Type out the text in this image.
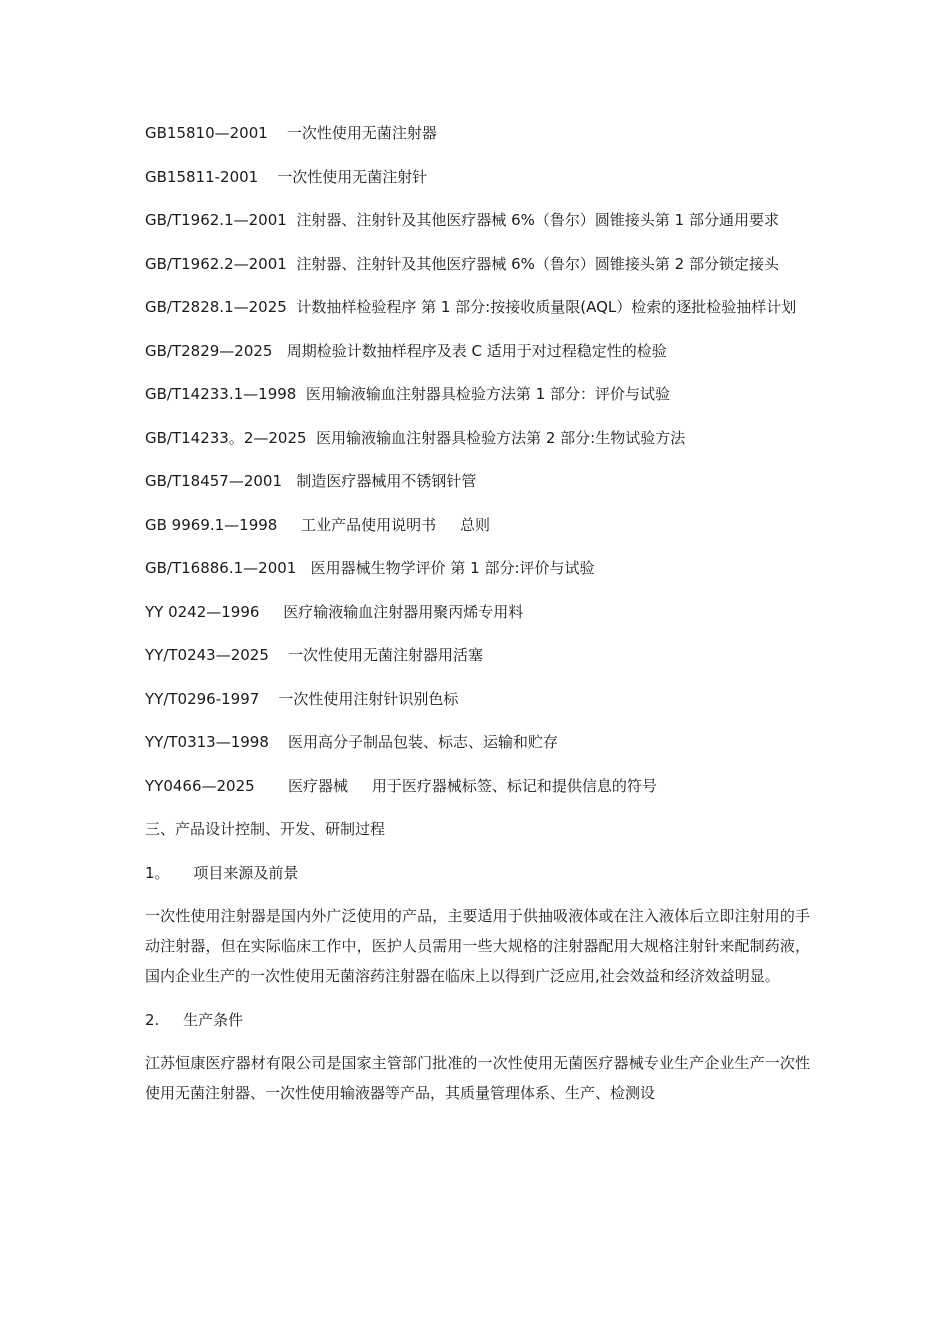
GB15810—2001    一次性使用无菌注射器
GB15811-2001    一次性使用无菌注射针
GB/T1962.1—2001  注射器、注射针及其他医疗器械 6%（鲁尔）圆锥接头第 1 部分通用要求
GB/T1962.2—2001  注射器、注射针及其他医疗器械 6%（鲁尔）圆锥接头第 2 部分锁定接头
GB/T2828.1—2025  计数抽样检验程序 第 1 部分:按接收质量限(AQL）检索的逐批检验抽样计划
GB/T2829—2025   周期检验计数抽样程序及表 C 适用于对过程稳定性的检验
GB/T14233.1—1998  医用输液输血注射器具检验方法第 1 部分：评价与试验
GB/T14233。2—2025  医用输液输血注射器具检验方法第 2 部分:生物试验方法
GB/T18457—2001   制造医疗器械用不锈钢针管
GB 9969.1—1998     工业产品使用说明书     总则
GB/T16886.1—2001   医用器械生物学评价 第 1 部分:评价与试验
YY 0242—1996     医疗输液输血注射器用聚丙烯专用料
YY/T0243—2025    一次性使用无菌注射器用活塞
YY/T0296-1997    一次性使用注射针识别色标
YY/T0313—1998    医用高分子制品包装、标志、运输和贮存
YY0466—2025       医疗器械     用于医疗器械标签、标记和提供信息的符号
三、产品设计控制、开发、研制过程
1。     项目来源及前景
一次性使用注射器是国内外广泛使用的产品，主要适用于供抽吸液体或在注入液体后立即注射用的手动注射器，但在实际临床工作中，医护人员需用一些大规格的注射器配用大规格注射针来配制药液，国内企业生产的一次性使用无菌溶药注射器在临床上以得到广泛应用,社会效益和经济效益明显。
2.     生产条件
江苏恒康医疗器材有限公司是国家主管部门批准的一次性使用无菌医疗器械专业生产企业生产一次性使用无菌注射器、一次性使用输液器等产品，其质量管理体系、生产、检测设
